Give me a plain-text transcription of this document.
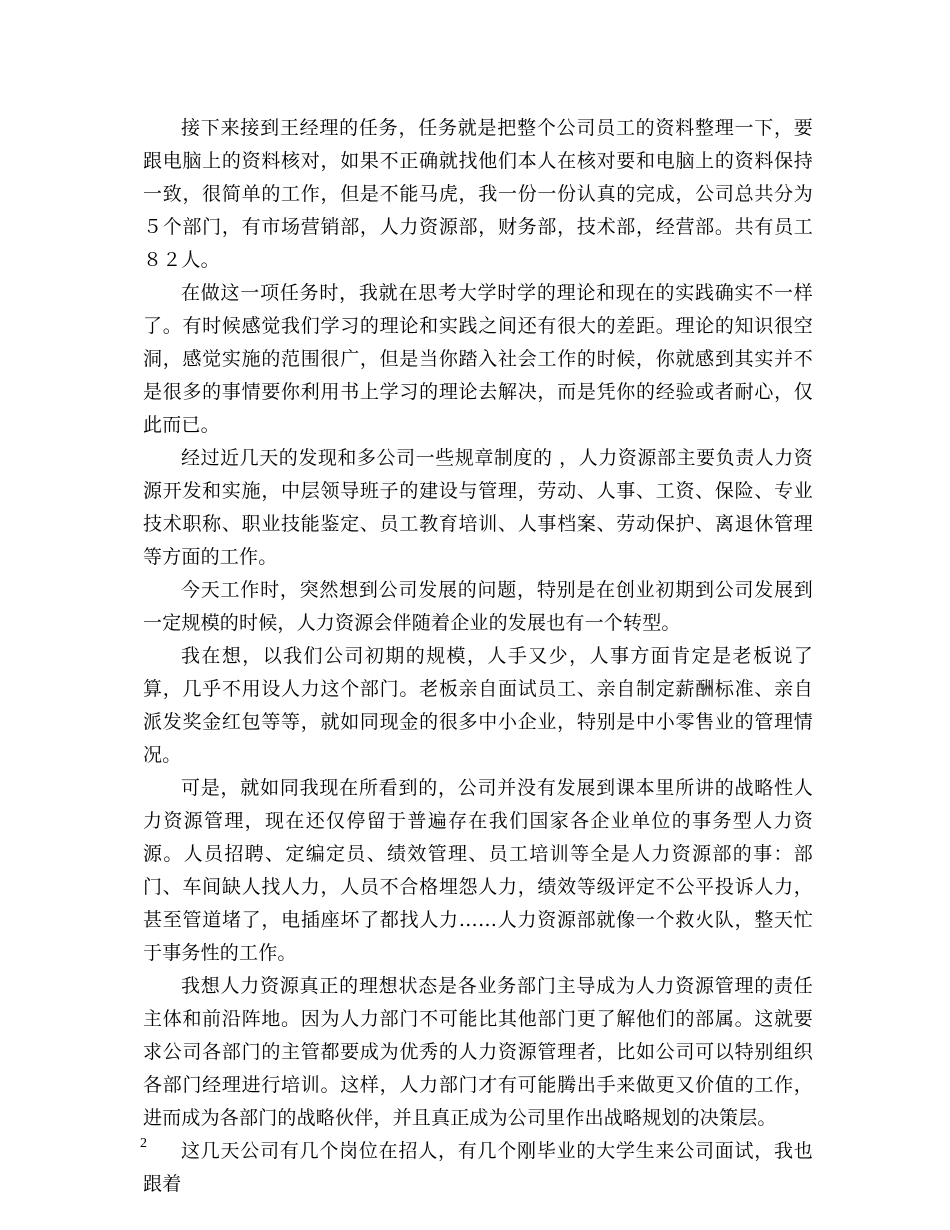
接下来接到王经理的任务，任务就是把整个公司员工的资料整理一下，要跟电脑上的资料核对，如果不正确就找他们本人在核对要和电脑上的资料保持一致，很简单的工作，但是不能马虎，我一份一份认真的完成，公司总共分为５个部门，有市场营销部，人力资源部，财务部，技术部，经营部。共有员工８２人。

在做这一项任务时，我就在思考大学时学的理论和现在的实践确实不一样了。有时候感觉我们学习的理论和实践之间还有很大的差距。理论的知识很空洞，感觉实施的范围很广，但是当你踏入社会工作的时候，你就感到其实并不是很多的事情要你利用书上学习的理论去解决，而是凭你的经验或者耐心，仅此而已。

经过近几天的发现和多公司一些规章制度的 ，人力资源部主要负责人力资源开发和实施，中层领导班子的建设与管理，劳动、人事、工资、保险、专业技术职称、职业技能鉴定、员工教育培训、人事档案、劳动保护、离退休管理等方面的工作。

今天工作时，突然想到公司发展的问题，特别是在创业初期到公司发展到一定规模的时候，人力资源会伴随着企业的发展也有一个转型。

我在想，以我们公司初期的规模，人手又少，人事方面肯定是老板说了算，几乎不用设人力这个部门。老板亲自面试员工、亲自制定薪酬标准、亲自派发奖金红包等等，就如同现金的很多中小企业，特别是中小零售业的管理情况。

可是，就如同我现在所看到的，公司并没有发展到课本里所讲的战略性人力资源管理，现在还仅停留于普遍存在我们国家各企业单位的事务型人力资源。人员招聘、定编定员、绩效管理、员工培训等全是人力资源部的事：部门、车间缺人找人力，人员不合格埋怨人力，绩效等级评定不公平投诉人力，甚至管道堵了，电插座坏了都找人力……人力资源部就像一个救火队，整天忙于事务性的工作。

我想人力资源真正的理想状态是各业务部门主导成为人力资源管理的责任主体和前沿阵地。因为人力部门不可能比其他部门更了解他们的部属。这就要求公司各部门的主管都要成为优秀的人力资源管理者，比如公司可以特别组织各部门经理进行培训。这样，人力部门才有可能腾出手来做更又价值的工作，进而成为各部门的战略伙伴，并且真正成为公司里作出战略规划的决策层。

这几天公司有几个岗位在招人，有几个刚毕业的大学生来公司面试，我也跟着

2
